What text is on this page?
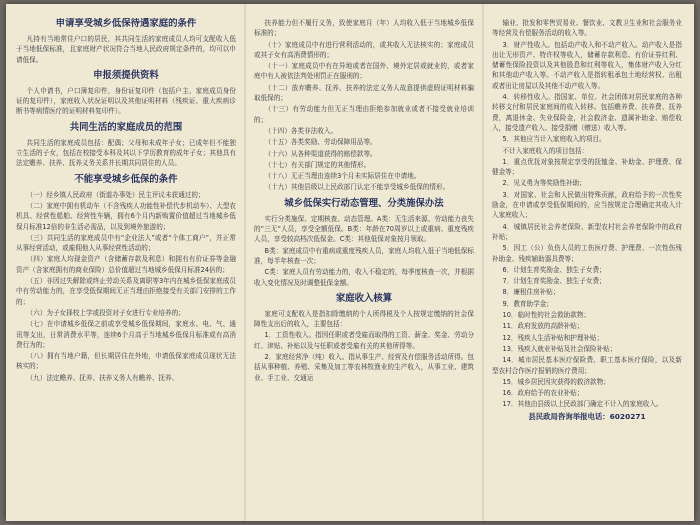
申请享受城乡低保待遇家庭的条件

凡持有当地常住户口的居民，其共同生活的家庭成员人均可支配收入低于当地低保标准，且家庭财产状况符合当地人民政府规定条件的，均可以申请低保。

申报须提供资料

个人申请书，户口簿复印件，身份证复印件（包括户主、家庭成员身份证的复印件），家庭收入状况证明以及其他证明材料（残疾证、重大疾病诊断书等病情医疗的证明材料复印件）。

共同生活的家庭成员的范围

共同生活的家庭成员包括：配偶；父母和未成年子女；已成年但不能独立生活的子女，包括在校接受本科及其以下学历教育的成年子女；其他具有法定赡养、扶养、抚养义务关系并长期共同居住的人员。

不能享受城乡低保的条件

（一）经乡镇人民政府（街道办事处）民主评议未获通过的；

（二）家庭中拥有机动车（不含残疾人功能性补偿代步机动车）、大型农机具、经营性船舶、经营性车辆，拥有6个月内新购置价值超过当地城乡低保月标准12倍的非生活必需品，以及到境外旅游的；

（三）共同生活的家庭成员中有“企业法人”或者“个体工商户”，并正常从事经营活动，或雇佣他人从事经营性活动的；

（四）家庭人均现金资产（含储蓄存款及利息）和拥有有价证券等金融资产（含家庭拥有的商业保险）总价值超过当地城乡低保月标准24倍的；

（五）非因过失解除或终止劳动关系及离职等3年内在城乡低保家庭成员中有劳动能力的，在享受低保期间无正当理由拒绝接受有关部门安排的工作的；

（六）为子女择校上学或投资对子女进行专业培养的；

（七）在申请城乡低保之前或享受城乡低保期间，家庭水、电、气、通讯等支出，日常消费水平等，连续6个月高于当地城乡低保月标准或有高消费行为的；

（八）拥有当地户籍，但长期居住在外地，申请低保家庭成员现状无法核实的；

（九）法定赡养、抚养、扶养义务人有赡养、抚养、

扶养能力但不履行义务，致使家庭月（年）人均收入低于当地城乡低保标准的；

（十）家庭成员中有进行营利活动的，或其收入无法核实的；家庭成员或其子女有高消费情形的；

（十一）家庭成员中有在异地或者在国外、境外定居或就业的，或者家庭中有人被依法判处刑罚正在服刑的；

（十二）放弃赡养、抚养、扶养的法定义务人故意提供虚假证明材料骗取低保的；

（十三）有劳动能力但无正当理由拒绝参加就业或者不接受就业培训的；

（十四）各类非法收入。

（十五）各类奖励、劳动保障用品等。

（十六）从各种渠道获得的赔偿款等。

（十七）有关部门规定的其他情形。

（十八）无正当理由连续3个月未实际居住在申请地。

（十九）其他县级以上民政部门认定不能享受城乡低保的情形。

城乡低保实行动态管理、分类施保办法

实行分类施保、定期核查、动态管理。A类：无生活来源、劳动能力丧失的“三无”人员，享受全额低保。B类：年龄在70周岁以上或重病、重度残疾人员，享受较高档次低保金。C类：其他低保对象按月领取。

B类：家庭成员中有重病或重度残疾人员，家庭人均收入低于当地低保标准，每半年核查一次；

C类：家庭人员有劳动能力的，收入不稳定的，每季度核查一次，并根据收入变化情况及时调整低保金额。

家庭收入核算

家庭可支配收入是指扣除缴纳的个人所得税及个人按规定缴纳的社会保障性支出后的收入，主要包括：

1．工资性收入。指因任职或者受雇而取得的工资、薪金、奖金、劳动分红、津贴、补贴以及与任职或者受雇有关的其他所得等。

2．家庭经营净（纯）收入。指从事生产、经营及有偿服务活动所得。包括从事种植、养殖、采集及加工等农林牧渔业的生产收入，从事工业、建筑业、手工业、交通运

输业、批发和零售贸易业、餐饮业、文教卫生业和社会服务业等经营及有偿服务活动的收入等。

3．财产性收入。包括动产收入和不动产收入。动产收入是指出让无形资产、特许权等收入，储蓄存款利息、有价证券红利、储蓄性保险投资以及其他股息和红利等收入，集体财产收入分红和其他动产收入等。不动产收入是指转租承包土地经营权、出租或者出让房屋以及其他不动产收入等。

4．转移性收入。指国家、单位、社会团体对居民家庭的各种转移支付和居民家庭间的收入转移。包括赡养费、扶养费、抚养费，离退休金、失业保险金，社会救济金、遗属补助金、赔偿收入，接受遗产收入、接受捐赠（赠送）收入等。

5．其他应当计入家庭收入的项目。

不计入家庭收入的项目包括：

1．重点优抚对象按规定享受的抚恤金、补助金、护理费、保健金等；

2．见义勇为等奖励性补助；

3．对国家、社会和人民做出特殊贡献，政府给予的一次性奖励金，在申请或享受低保期间的，应当按规定合理确定其收入计入家庭收入；

4．城镇居民社会养老保险、新型农村社会养老保险中的政府补贴；

5．因工（公）负伤人员的工伤医疗费、护理费、一次性伤残补助金、残疾辅助器具费等；

6．计划生育奖励金、独生子女费；

7．计划生育奖励金、独生子女费；

8．廉租住房补贴；

9．教育助学金；

10．临时性的社会救助款物；

11．政府发放的高龄补贴；

12．残疾人生活补贴和护理补贴；

13．残疾人就业补贴及社会保险补贴；

14．城市居民基本医疗保险费、职工基本医疗保险，以及新型农村合作医疗报销的医疗费用；

15．城乡居民因灾获得的救济款物；

16．政府给予的农业补贴；

17．其他由县级以上民政部门确定不计入的家庭收入。

县民政局咨询举报电话：6020271
